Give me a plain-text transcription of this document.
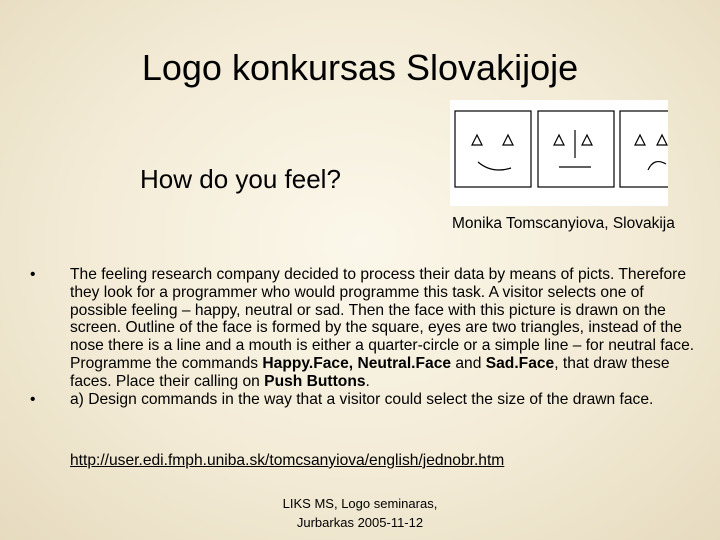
Logo konkursas Slovakijoje
How do you feel?
Monika Tomscanyiova, Slovakija
•	The feeling research company decided to process their data by means of picts. Therefore they look for a programmer who would programme this task. A visitor selects one of possible feeling – happy, neutral or sad. Then the face with this picture is drawn on the screen. Outline of the face is formed by the square, eyes are two triangles, instead of the nose there is a line and a mouth is either a quarter-circle or a simple line – for neutral face. Programme the commands Happy.Face, Neutral.Face and Sad.Face, that draw these faces. Place their calling on Push Buttons.
•	a) Design commands in the way that a visitor could select the size of the drawn face.
http://user.edi.fmph.uniba.sk/tomcsanyiova/english/jednobr.htm
LIKS MS, Logo seminaras,
Jurbarkas 2005-11-12
